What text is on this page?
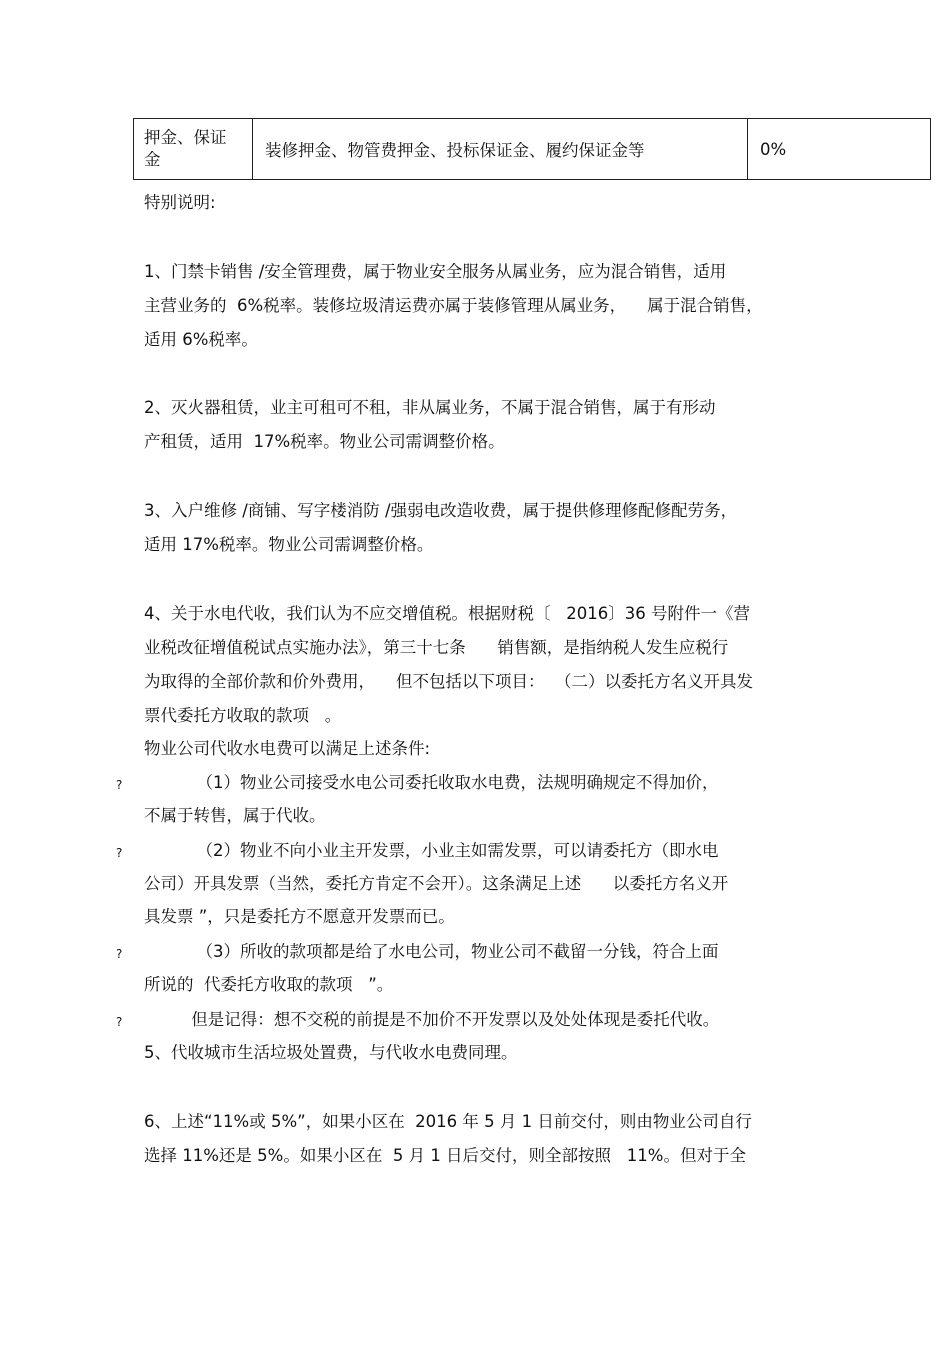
押金、保证
金	装修押金、物管费押金、投标保证金、履约保证金等	0%
特别说明:
1、门禁卡销售 /安全管理费，属于物业安全服务从属业务，应为混合销售，适用
主营业务的  6%税率。装修垃圾清运费亦属于装修管理从属业务，    属于混合销售，
适用 6%税率。
2、灭火器租赁，业主可租可不租，非从属业务，不属于混合销售，属于有形动
产租赁，适用  17%税率。物业公司需调整价格。
3、入户维修 /商铺、写字楼消防 /强弱电改造收费，属于提供修理修配修配劳务，
适用 17%税率。物业公司需调整价格。
4、关于水电代收，我们认为不应交增值税。根据财税〔   2016〕36 号附件一《营
业税改征增值税试点实施办法》，第三十七条      销售额，是指纳税人发生应税行
为取得的全部价款和价外费用，    但不包括以下项目：  （二）以委托方名义开具发
票代委托方收取的款项   。
物业公司代收水电费可以满足上述条件:
? （1）物业公司接受水电公司委托收取水电费，法规明确规定不得加价，
不属于转售，属于代收。
? （2）物业不向小业主开发票，小业主如需发票，可以请委托方（即水电
公司）开具发票（当然，委托方肯定不会开）。这条满足上述      以委托方名义开
具发票 ”，只是委托方不愿意开发票而已。
? （3）所收的款项都是给了水电公司，物业公司不截留一分钱，符合上面
所说的  代委托方收取的款项   ”。
? 但是记得：想不交税的前提是不加价不开发票以及处处体现是委托代收。
5、代收城市生活垃圾处置费，与代收水电费同理。
6、上述“11%或 5%”，如果小区在  2016 年 5 月 1 日前交付，则由物业公司自行
选择 11%还是 5%。如果小区在  5 月 1 日后交付，则全部按照   11%。但对于全
